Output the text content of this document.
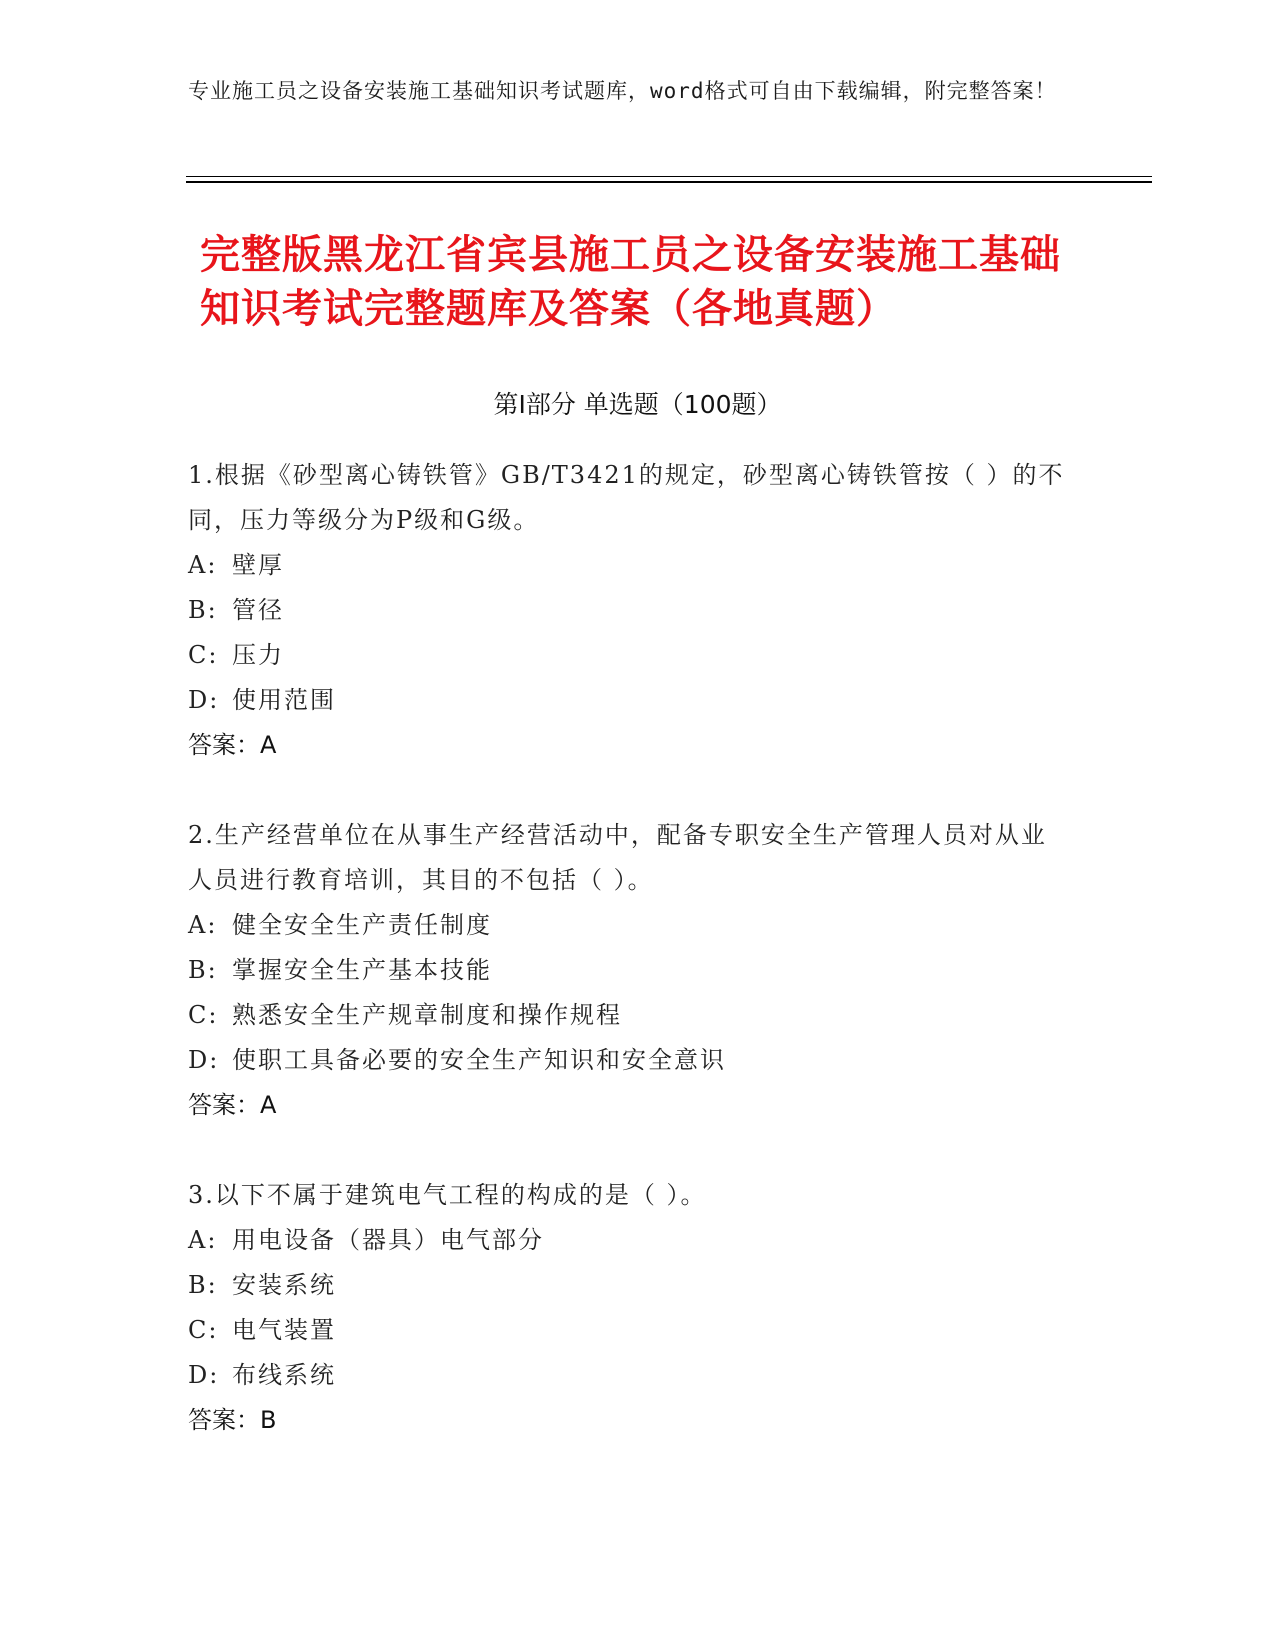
专业施工员之设备安装施工基础知识考试题库，word格式可自由下载编辑，附完整答案！
完整版黑龙江省宾县施工员之设备安装施工基础知识考试完整题库及答案（各地真题）
第Ⅰ部分 单选题（100题）

1.根据《砂型离心铸铁管》GB/T3421的规定，砂型离心铸铁管按（ ）的不同，压力等级分为P级和G级。

A: 壁厚

B: 管径

C: 压力

D: 使用范围

答案：A

2.生产经营单位在从事生产经营活动中，配备专职安全生产管理人员对从业人员进行教育培训，其目的不包括（ ）。

A: 健全安全生产责任制度

B: 掌握安全生产基本技能

C: 熟悉安全生产规章制度和操作规程

D: 使职工具备必要的安全生产知识和安全意识

答案：A

3.以下不属于建筑电气工程的构成的是（ ）。

A: 用电设备（器具）电气部分

B: 安装系统

C: 电气装置

D: 布线系统

答案：B
